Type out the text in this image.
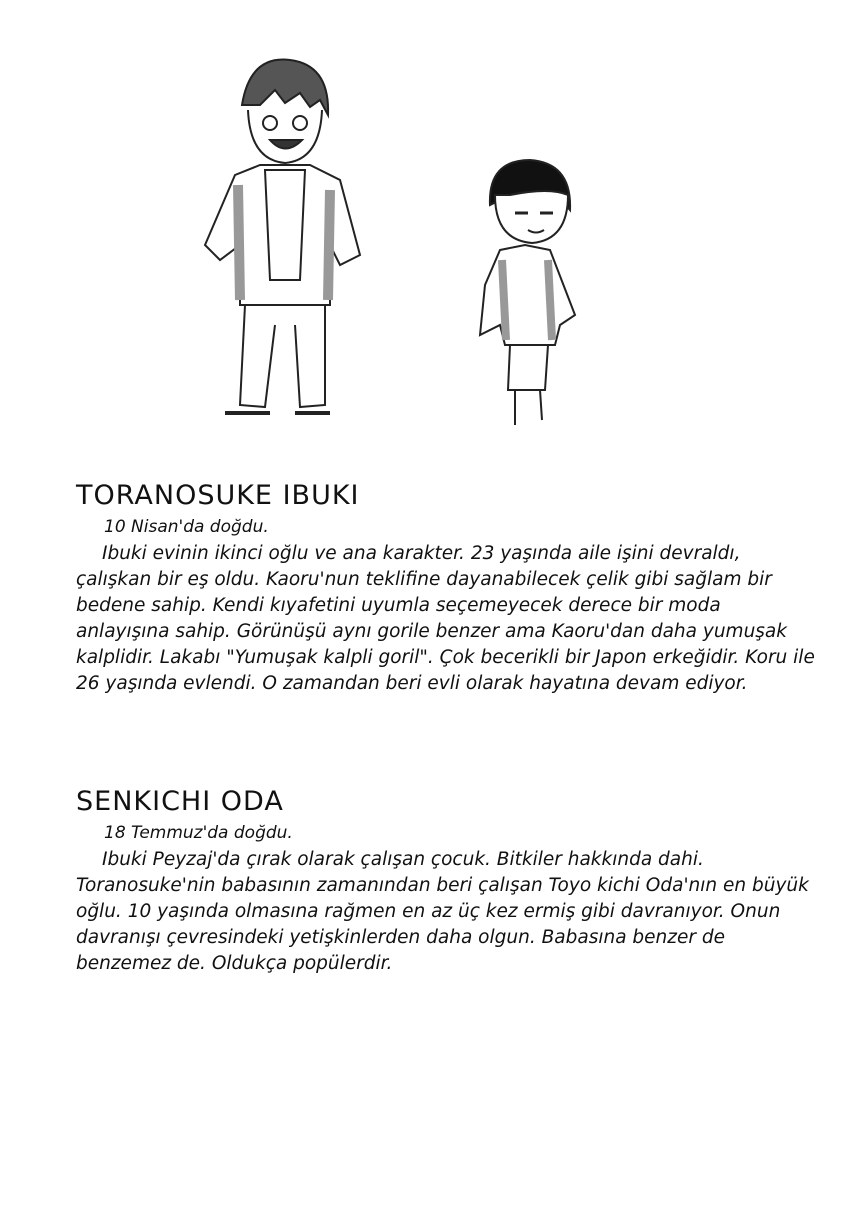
TORANOSUKE IBUKI

10 Nisan'da doğdu.

Ibuki evinin ikinci oğlu ve ana karakter. 23 yaşında aile işini devraldı, çalışkan bir eş oldu. Kaoru'nun teklifine dayanabilecek çelik gibi sağlam bir bedene sahip. Kendi kıyafetini uyumla seçemeyecek derece bir moda anlayışına sahip. Görünüşü aynı gorile benzer ama Kaoru'dan daha yumuşak kalplidir. Lakabı "Yumuşak kalpli goril". Çok becerikli bir Japon erkeğidir. Koru ile 26 yaşında evlendi. O zamandan beri evli olarak hayatına devam ediyor.

SENKICHI ODA

18 Temmuz'da doğdu.

Ibuki Peyzaj'da çırak olarak çalışan çocuk. Bitkiler hakkında dahi. Toranosuke'nin babasının zamanından beri çalışan Toyo kichi Oda'nın en büyük oğlu. 10 yaşında olmasına rağmen en az üç kez ermiş gibi davranıyor. Onun davranışı çevresindeki yetişkinlerden daha olgun. Babasına benzer de benzemez de. Oldukça popülerdir.
